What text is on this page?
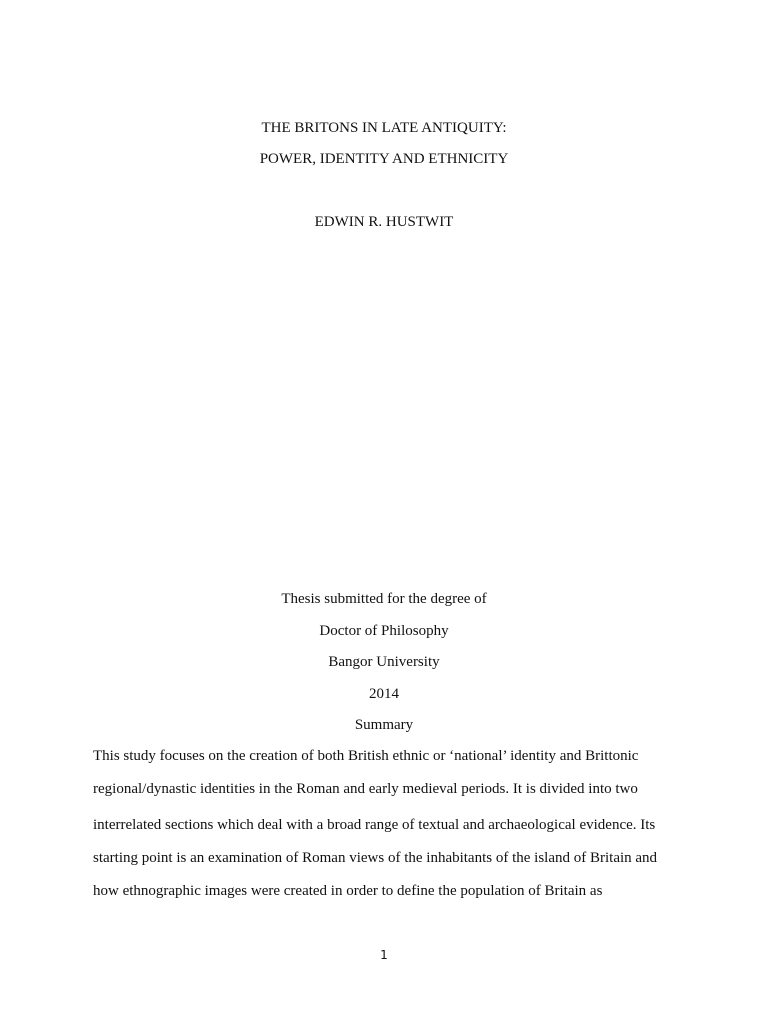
THE BRITONS IN LATE ANTIQUITY:
POWER, IDENTITY AND ETHNICITY
EDWIN R. HUSTWIT
Thesis submitted for the degree of
Doctor of Philosophy
Bangor University
2014
Summary
This study focuses on the creation of both British ethnic or ‘national’ identity and Brittonic
regional/dynastic identities in the Roman and early medieval periods. It is divided into two
interrelated sections which deal with a broad range of textual and archaeological evidence. Its
starting point is an examination of Roman views of the inhabitants of the island of Britain and
how ethnographic images were created in order to define the population of Britain as
1
